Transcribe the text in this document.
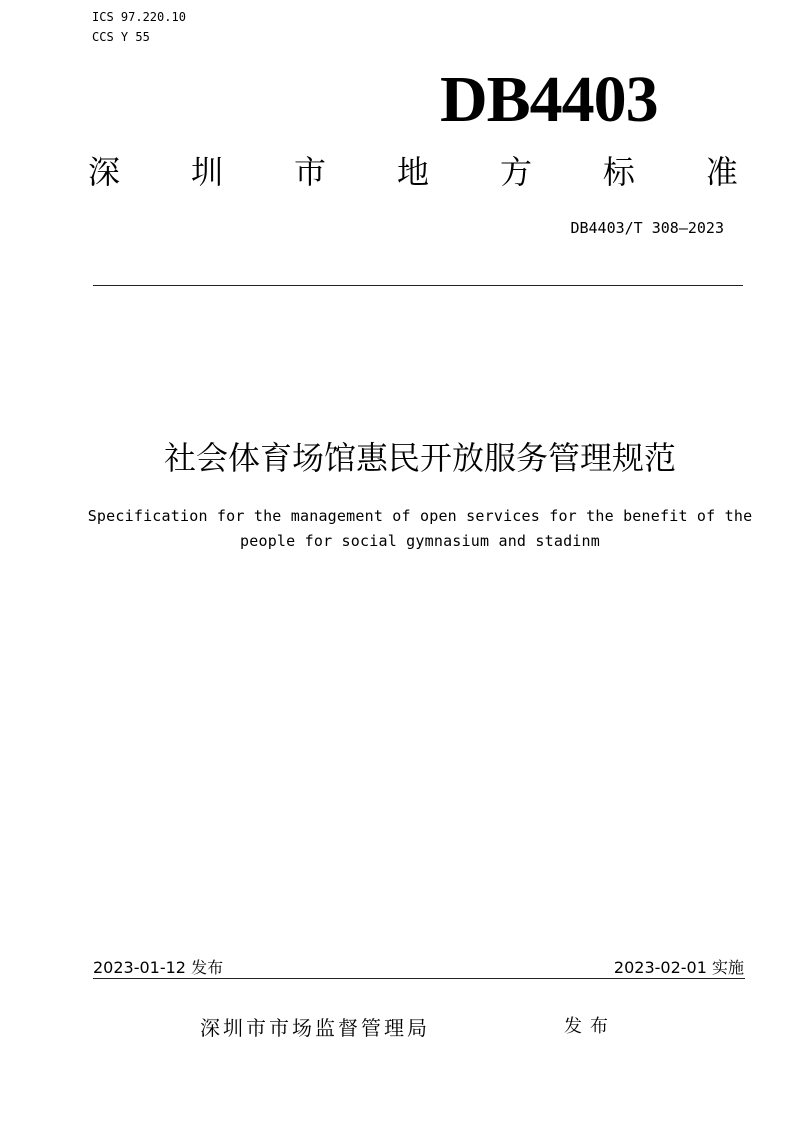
ICS 97.220.10
CCS Y 55
DB4403
深 圳 市 地 方 标 准
DB4403/T 308—2023
社会体育场馆惠民开放服务管理规范
Specification for the management of open services for the benefit of the
people for social gymnasium and stadinm
2023-01-12 发布	2023-02-01 实施
深圳市市场监督管理局	发布
